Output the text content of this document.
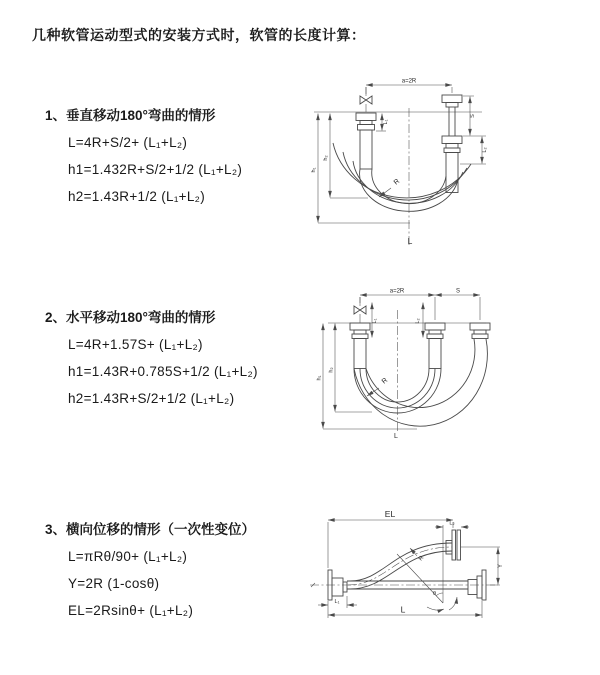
几种软管运动型式的安装方式时，软管的长度计算：

1、垂直移动180°弯曲的情形

L=4R+S/2+ (L₁+L₂)

h1=1.432R+S/2+1/2 (L₁+L₂)

h2=1.43R+1/2 (L₁+L₂)

2、水平移动180°弯曲的情形

L=4R+1.57S+ (L₁+L₂)

h1=1.43R+0.785S+1/2 (L₁+L₂)

h2=1.43R+S/2+1/2 (L₁+L₂)

3、横向位移的情形（一次性变位）

L=πRθ/90+ (L₁+L₂)

Y=2R (1-cosθ)

EL=2Rsinθ+ (L₁+L₂)

a=2R
L₁
S
L₂
h₁
h₂
R
L
a=2R	S
L₁	L₂
h₁
h₂
R
L
EL
L₂
Y
R
θ
L₁
L
